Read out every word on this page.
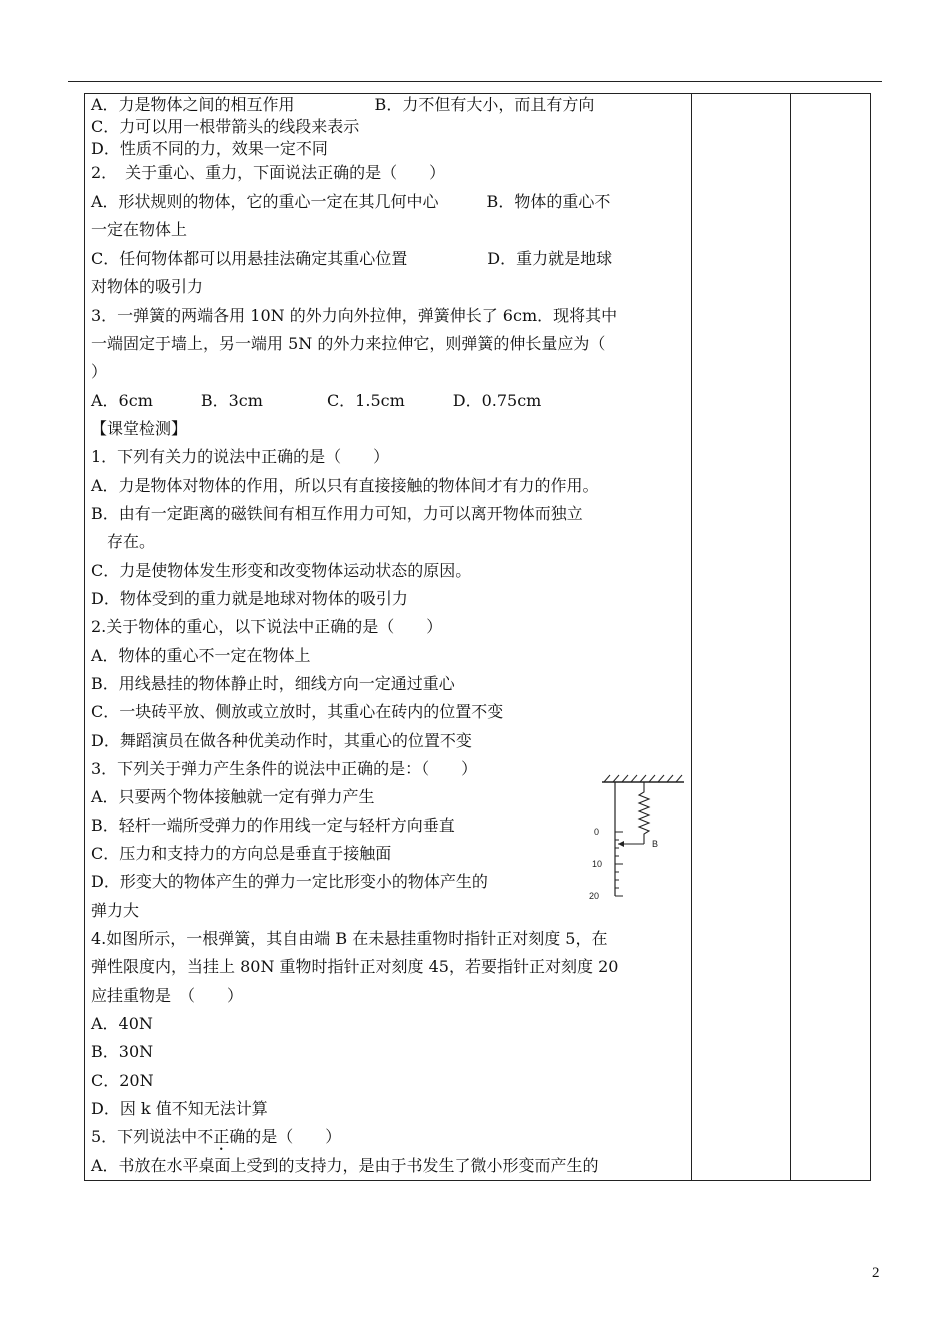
A．力是物体之间的相互作用　　　　　B．力不但有大小，而且有方向
C．力可以用一根带箭头的线段来表示
D．性质不同的力，效果一定不同
2．　关于重心、重力，下面说法正确的是（　　）
A．形状规则的物体，它的重心一定在其几何中心　　　B．物体的重心不
一定在物体上
C．任何物体都可以用悬挂法确定其重心位置　　　　　D．重力就是地球
对物体的吸引力
3．一弹簧的两端各用 10N 的外力向外拉伸，弹簧伸长了 6cm．现将其中
一端固定于墙上，另一端用 5N 的外力来拉伸它，则弹簧的伸长量应为（
）
A．6cm　　　B．3cm　　　　C．1.5cm　　　D．0.75cm
【课堂检测】
1．下列有关力的说法中正确的是（　　）
A．力是物体对物体的作用，所以只有直接接触的物体间才有力的作用。
B．由有一定距离的磁铁间有相互作用力可知，力可以离开物体而独立
　存在。
C．力是使物体发生形变和改变物体运动状态的原因。
D．物体受到的重力就是地球对物体的吸引力
2.关于物体的重心，以下说法中正确的是（　　）
A．物体的重心不一定在物体上
B．用线悬挂的物体静止时，细线方向一定通过重心
C．一块砖平放、侧放或立放时，其重心在砖内的位置不变
D．舞蹈演员在做各种优美动作时，其重心的位置不变
3．下列关于弹力产生条件的说法中正确的是：（　　）
A．只要两个物体接触就一定有弹力产生
B．轻杆一端所受弹力的作用线一定与轻杆方向垂直
C．压力和支持力的方向总是垂直于接触面
D．形变大的物体产生的弹力一定比形变小的物体产生的
弹力大
4.如图所示，一根弹簧，其自由端 B 在未悬挂重物时指针正对刻度 5，在
弹性限度内，当挂上 80N 重物时指针正对刻度 45，若要指针正对刻度 20
应挂重物是　（　　）
A．40N
B．30N
C．20N
D．因 k 值不知无法计算
5．下列说法中不正确的是（　　）
A．书放在水平桌面上受到的支持力，是由于书发生了微小形变而产生的
0
10
20
B
2
